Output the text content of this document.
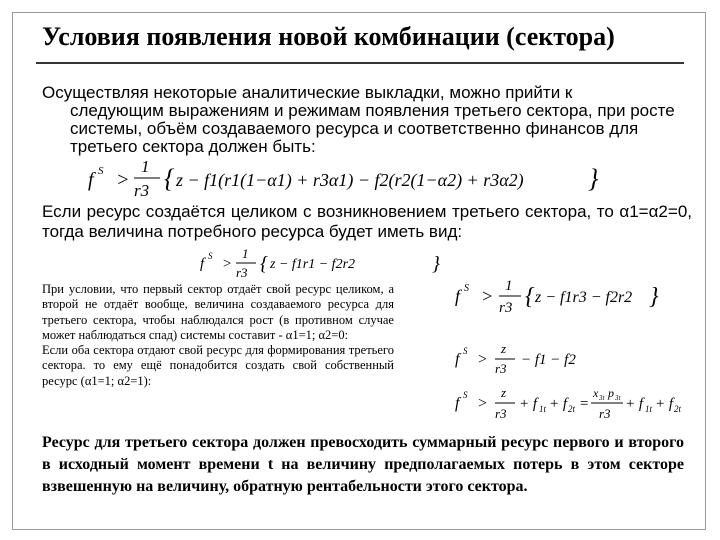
Условия появления новой комбинации (сектора)
Осуществляя некоторые аналитические выкладки, можно прийти к
следующим выражениям и режимам появления третьего сектора, при росте системы, объём создаваемого ресурса и соответственно финансов для третьего сектора должен быть:
f S >
1
r3 { z − f1(r1(1−α1) + r3α1) − f2(r2(1−α2) + r3α2) }
Если ресурс создаётся целиком с возникновением третьего сектора, то α1=α2=0, тогда величина потребного ресурса будет иметь вид:
f S >
1
r3 { z − f1r1 − f2r2	}
При условии, что первый сектор отдаёт свой ресурс целиком, а второй не отдаёт вообще, величина создаваемого ресурса для третьего сектора, чтобы наблюдался рост (в противном случае может наблюдаться спад) системы составит - α1=1; α2=0:
Если оба сектора отдают свой ресурс для формирования третьего сектора. то ему ещё понадобится создать свой собственный ресурс (α1=1; α2=1):
f S > 1
r3 { z − f1r3 − f2r2 }
f S >
z
r3
− f1 − f2
f S >
z
r3
+ f 1t + f 2t =
x 3t p 3t
r3
+ f 1t + f 2t
Ресурс для третьего сектора должен превосходить суммарный ресурс первого и второго в исходный момент времени t на величину предполагаемых потерь в этом секторе взвешенную на величину, обратную рентабельности этого сектора.
